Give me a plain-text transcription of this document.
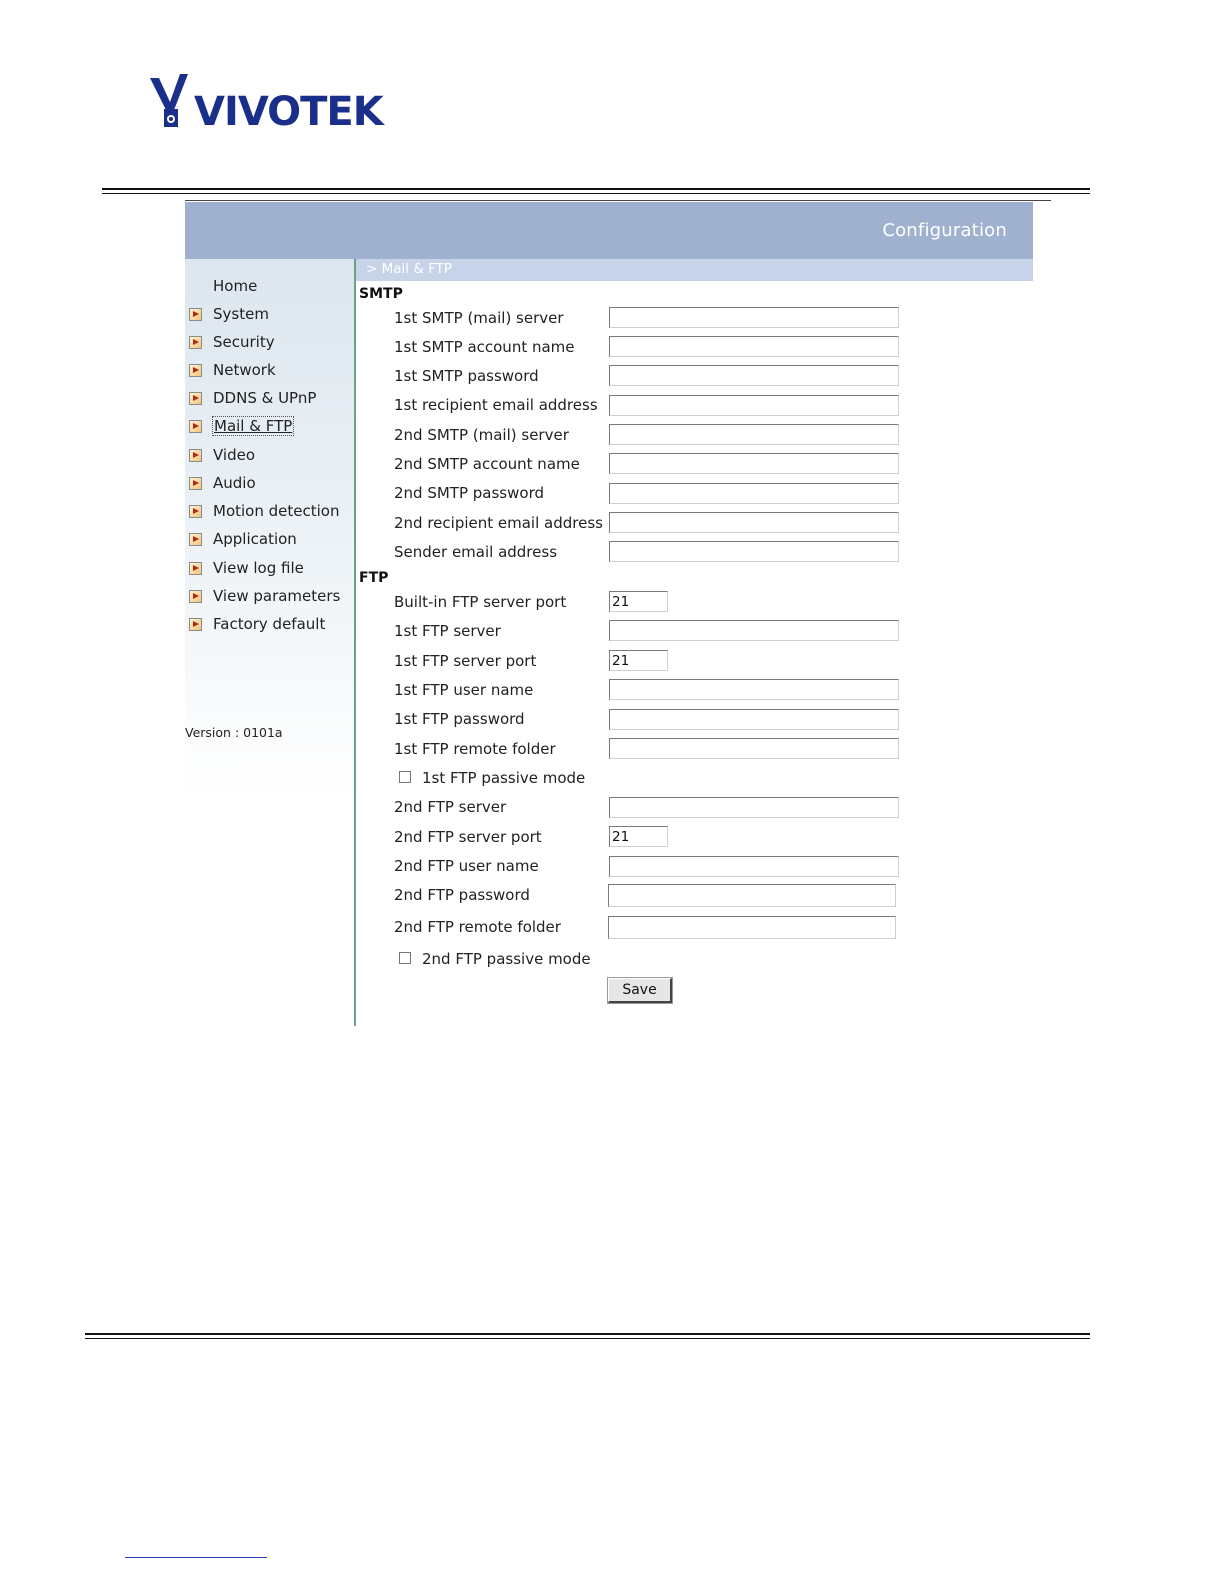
VIVOTEK
Configuration
Home
System
Security
Network
DDNS & UPnP
Mail & FTP
Video
Audio
Motion detection
Application
View log file
View parameters
Factory default
Version : 0101a
> Mail & FTP
SMTP
1st SMTP (mail) server
1st SMTP account name
1st SMTP password
1st recipient email address
2nd SMTP (mail) server
2nd SMTP account name
2nd SMTP password
2nd recipient email address
Sender email address
FTP
Built-in FTP server port
21
1st FTP server
1st FTP server port
21
1st FTP user name
1st FTP password
1st FTP remote folder
1st FTP passive mode
2nd FTP server
2nd FTP server port
21
2nd FTP user name
2nd FTP password
2nd FTP remote folder
2nd FTP passive mode
Save
